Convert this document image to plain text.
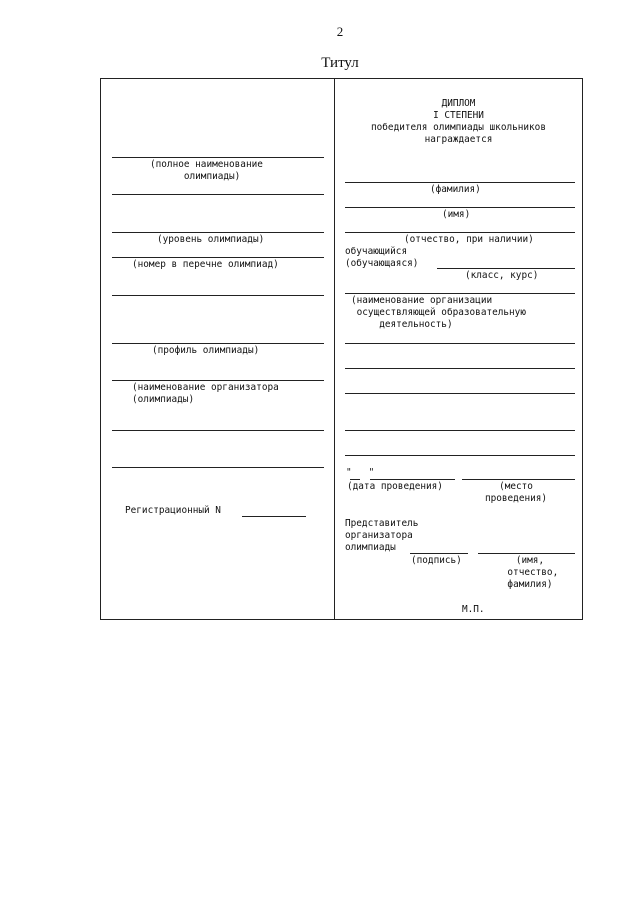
2
Титул
(полное наименование
олимпиады)
(уровень олимпиады)
(номер в перечне олимпиад)
(профиль олимпиады)
(наименование организатора
(олимпиады)
Регистрационный N
ДИПЛОМ
I СТЕПЕНИ
победителя олимпиады школьников
награждается
(фамилия)
(имя)
(отчество, при наличии)
обучающийся
(обучающаяся)
(класс, курс)
(наименование организации
осуществляющей образовательную
деятельность)
"   "
(дата проведения)	(место
проведения)
Представитель
организатора
олимпиады
(подпись)	(имя,
отчество,
фамилия)
М.П.
